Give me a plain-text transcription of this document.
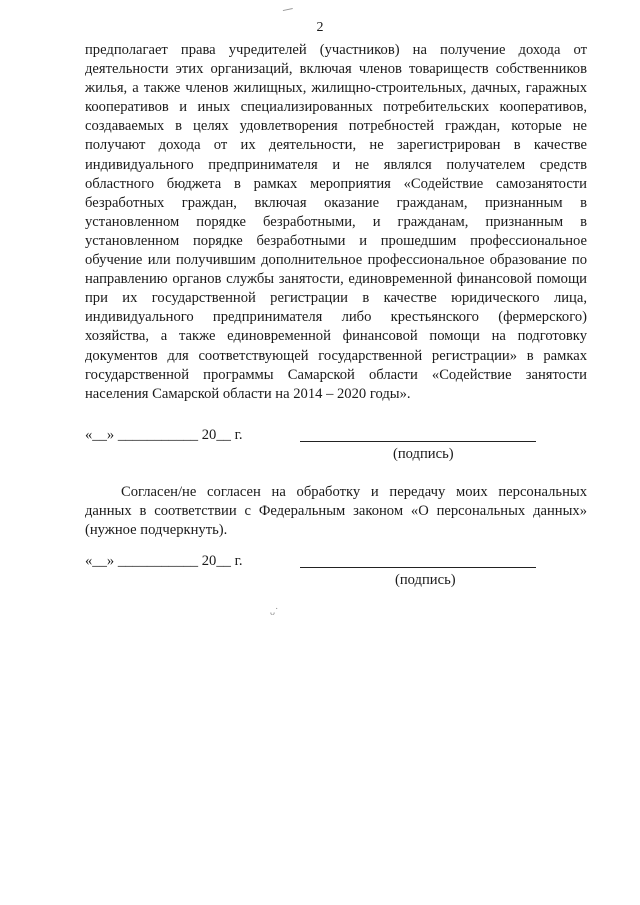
2

предполагает права учредителей (участников) на получение дохода от деятельности этих организаций, включая членов товариществ собственников жилья, а также членов жилищных, жилищно-строительных, дачных, гаражных кооперативов и иных специализированных потребительских кооперативов, создаваемых в целях удовлетворения потребностей граждан, которые не получают дохода от их деятельности, не зарегистрирован в качестве индивидуального предпринимателя и не являлся получателем средств областного бюджета в рамках мероприятия «Содействие самозанятости безработных граждан, включая оказание гражданам, признанным в установленном порядке безработными, и гражданам, признанным в установленном порядке безработными и прошедшим профессиональное обучение или получившим дополнительное профессиональное образование по направлению органов службы занятости, единовременной финансовой помощи при их государственной регистрации в качестве юридического лица, индивидуального предпринимателя либо крестьянского (фермерского) хозяйства, а также единовременной финансовой помощи на подготовку документов для соответствующей государственной регистрации» в рамках государственной программы Самарской области «Содействие занятости населения Самарской области на 2014 – 2020 годы».

«__» ___________ 20__ г.
(подпись)

Согласен/не согласен на обработку и передачу моих персональных данных в соответствии с Федеральным законом «О персональных данных» (нужное подчеркнуть).

«__» ___________ 20__ г.
(подпись)
ᴗ˙
